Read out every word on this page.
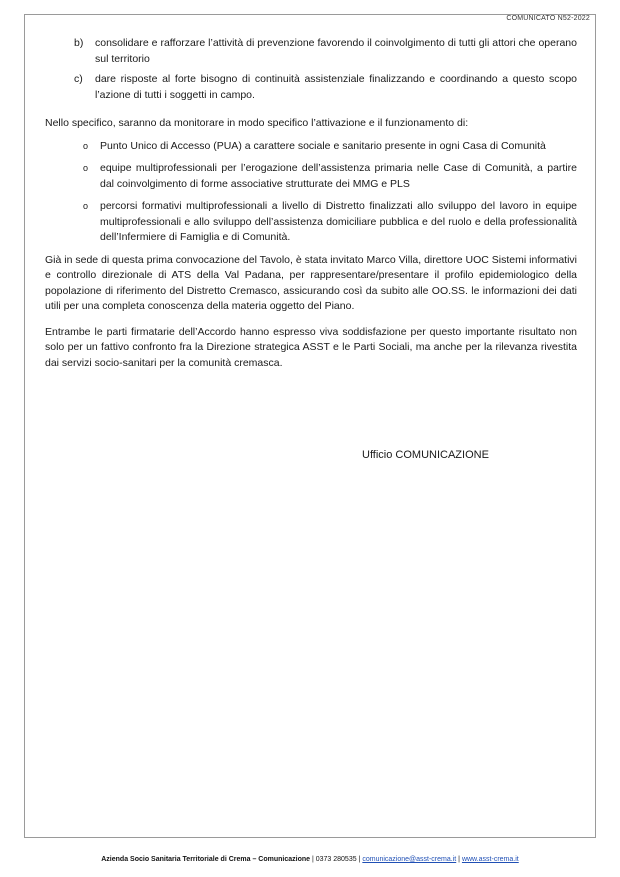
COMUNICATO N52-2022
b)	consolidare e rafforzare l’attività di prevenzione favorendo il coinvolgimento di tutti gli attori che operano sul territorio
c)	dare risposte al forte bisogno di continuità assistenziale finalizzando e coordinando a questo scopo l’azione di tutti i soggetti in campo.

Nello specifico, saranno da monitorare in modo specifico l’attivazione e il funzionamento di:

o	Punto Unico di Accesso (PUA) a carattere sociale e sanitario presente in ogni Casa di Comunità
o	equipe multiprofessionali per l’erogazione dell’assistenza primaria nelle Case di Comunità, a partire dal coinvolgimento di forme associative strutturate dei MMG e PLS
o	percorsi formativi multiprofessionali a livello di Distretto finalizzati allo sviluppo del lavoro in equipe multiprofessionali e allo sviluppo dell’assistenza domiciliare pubblica e del ruolo e della professionalità dell’Infermiere di Famiglia e di Comunità.

Già in sede di questa prima convocazione del Tavolo, è stata invitato Marco Villa, direttore UOC Sistemi informativi e controllo direzionale di ATS della Val Padana, per rappresentare/presentare il profilo epidemiologico della popolazione di riferimento del Distretto Cremasco, assicurando così da subito alle OO.SS. le informazioni dei dati utili per una completa conoscenza della materia oggetto del Piano.

Entrambe le parti firmatarie dell’Accordo hanno espresso viva soddisfazione per questo importante risultato non solo per un fattivo confronto fra la Direzione strategica ASST e le Parti Sociali, ma anche per la rilevanza rivestita dai servizi socio-sanitari per la comunità cremasca.

Ufficio COMUNICAZIONE
Azienda Socio Sanitaria Territoriale di Crema – Comunicazione | 0373 280535 | comunicazione@asst-crema.it | www.asst-crema.it
